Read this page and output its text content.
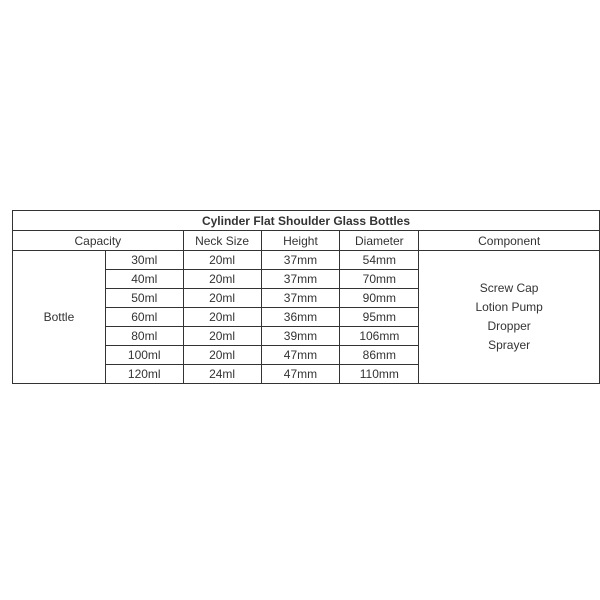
Cylinder Flat Shoulder Glass Bottles					
Capacity		Neck Size	Height	Diameter	Component
Bottle	30ml	20ml	37mm	54mm	Screw Cap
Lotion Pump
Dropper
Sprayer

	40ml	20ml	37mm	70mm	
	50ml	20ml	37mm	90mm	
	60ml	20ml	36mm	95mm	
	80ml	20ml	39mm	106mm	
	100ml	20ml	47mm	86mm	
	120ml	24ml	47mm	110mm	
